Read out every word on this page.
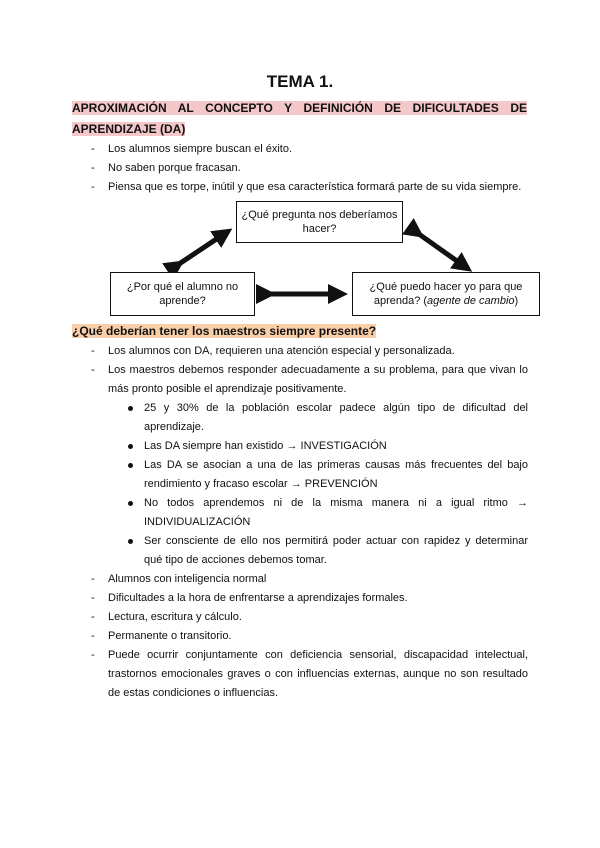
TEMA 1.
APROXIMACIÓN AL CONCEPTO Y DEFINICIÓN DE DIFICULTADES DE
APRENDIZAJE (DA)
- Los alumnos siempre buscan el éxito.
- No saben porque fracasan.
- Piensa que es torpe, inútil y que esa característica formará parte de su vida siempre.
¿Qué pregunta nos deberíamos hacer?
¿Por qué el alumno no aprende?
¿Qué puedo hacer yo para que aprenda? (agente de cambio)
¿Qué deberían tener los maestros siempre presente?
- Los alumnos con DA, requieren una atención especial y personalizada.
- Los maestros debemos responder adecuadamente a su problema, para que vivan lo más pronto posible el aprendizaje positivamente.
25 y 30% de la población escolar padece algún tipo de dificultad del aprendizaje.
Las DA siempre han existido → INVESTIGACIÓN
Las DA se asocian a una de las primeras causas más frecuentes del bajo rendimiento y fracaso escolar → PREVENCIÓN
No todos aprendemos ni de la misma manera ni a igual ritmo → INDIVIDUALIZACIÓN
Ser consciente de ello nos permitirá poder actuar con rapidez y determinar qué tipo de acciones debemos tomar.
- Alumnos con inteligencia normal
- Dificultades a la hora de enfrentarse a aprendizajes formales.
- Lectura, escritura y cálculo.
- Permanente o transitorio.
- Puede ocurrir conjuntamente con deficiencia sensorial, discapacidad intelectual, trastornos emocionales graves o con influencias externas, aunque no son resultado de estas condiciones o influencias.
